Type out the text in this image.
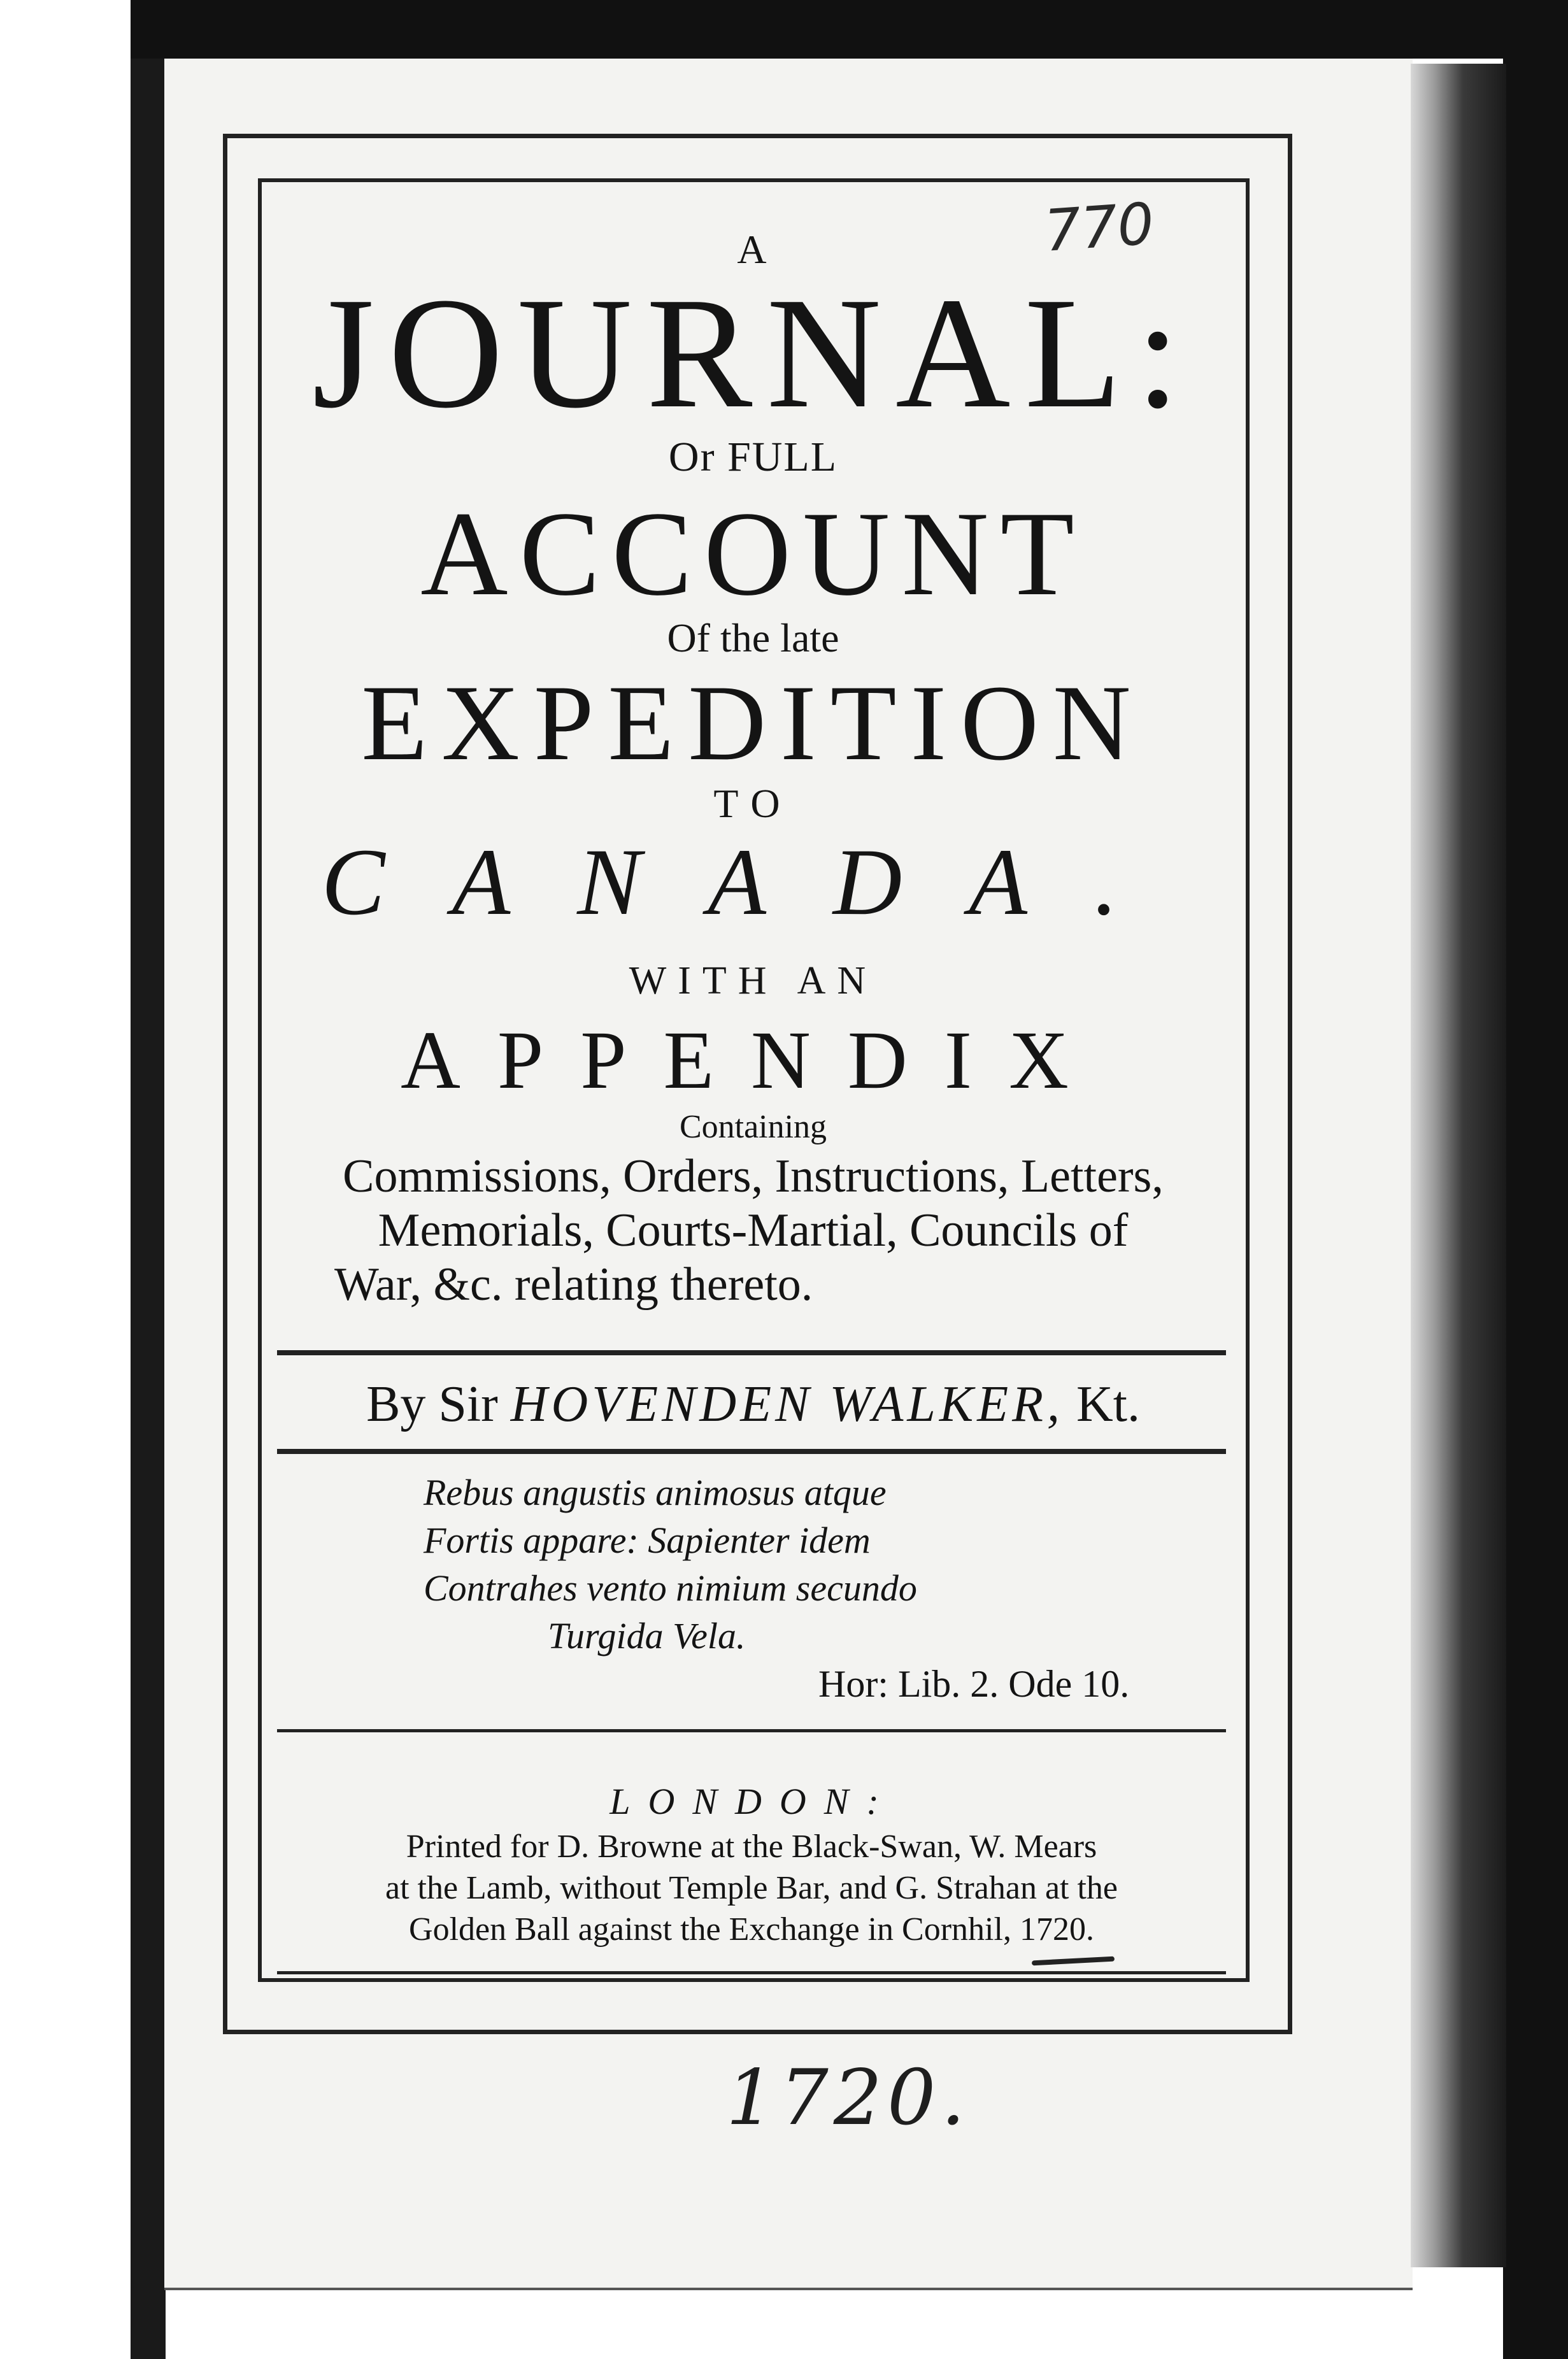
770
A
JOURNAL:
Or FULL
ACCOUNT
Of the late
EXPEDITION
TO
CANADA.
WITH AN
APPENDIX
Containing
Commissions, Orders, Instructions, Letters,
Memorials, Courts-Martial, Councils of
War, &c. relating thereto.
By Sir HOVENDEN WALKER, Kt.
Rebus angustis animosus atque
Fortis appare: Sapienter idem
Contrahes vento nimium secundo
Turgida Vela.
Hor: Lib. 2. Ode 10.
LONDON:
Printed for D. Browne at the Black-Swan, W. Mears
at the Lamb, without Temple Bar, and G. Strahan at the
Golden Ball against the Exchange in Cornhil, 1720.
1720.
